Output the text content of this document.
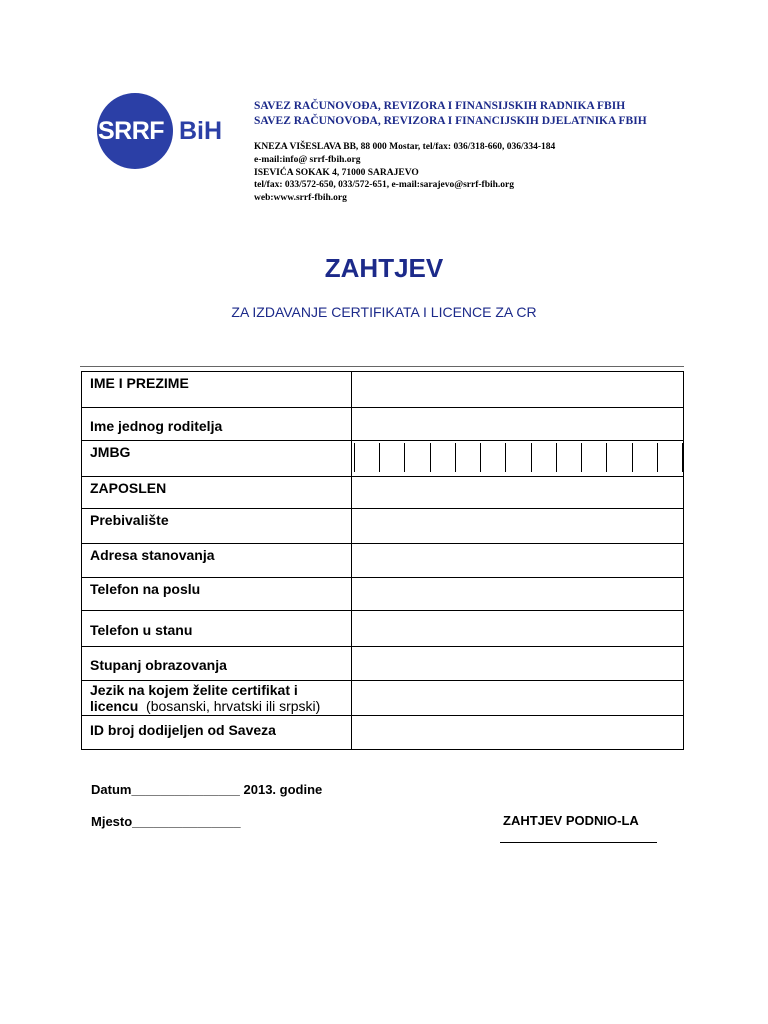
SRRF BiH
SAVEZ RAČUNOVOĐA, REVIZORA I FINANSIJSKIH RADNIKA FBIH
SAVEZ RAČUNOVOĐA, REVIZORA I FINANCIJSKIH DJELATNIKA FBIH
KNEZA VIŠESLAVA BB, 88 000 Mostar, tel/fax: 036/318-660, 036/334-184
e-mail:info@ srrf-fbih.org
ISEVIĆA SOKAK 4, 71000 SARAJEVO
tel/fax: 033/572-650, 033/572-651, e-mail:sarajevo@srrf-fbih.org
web:www.srrf-fbih.org
ZAHTJEV
ZA IZDAVANJE CERTIFIKATA I LICENCE ZA CR
IME I PREZIME	
Ime jednog roditelja	
JMBG	

ZAPOSLEN	
Prebivalište	
Adresa stanovanja	
Telefon na poslu	
Telefon u stanu	
Stupanj obrazovanja	

Jezik na kojem želite certifikat i
licencu (bosanski, hrvatski ili srpski)	

ID broj dodijeljen od Saveza	
Datum_______________ 2013. godine
Mjesto_______________	ZAHTJEV PODNIO-LA
